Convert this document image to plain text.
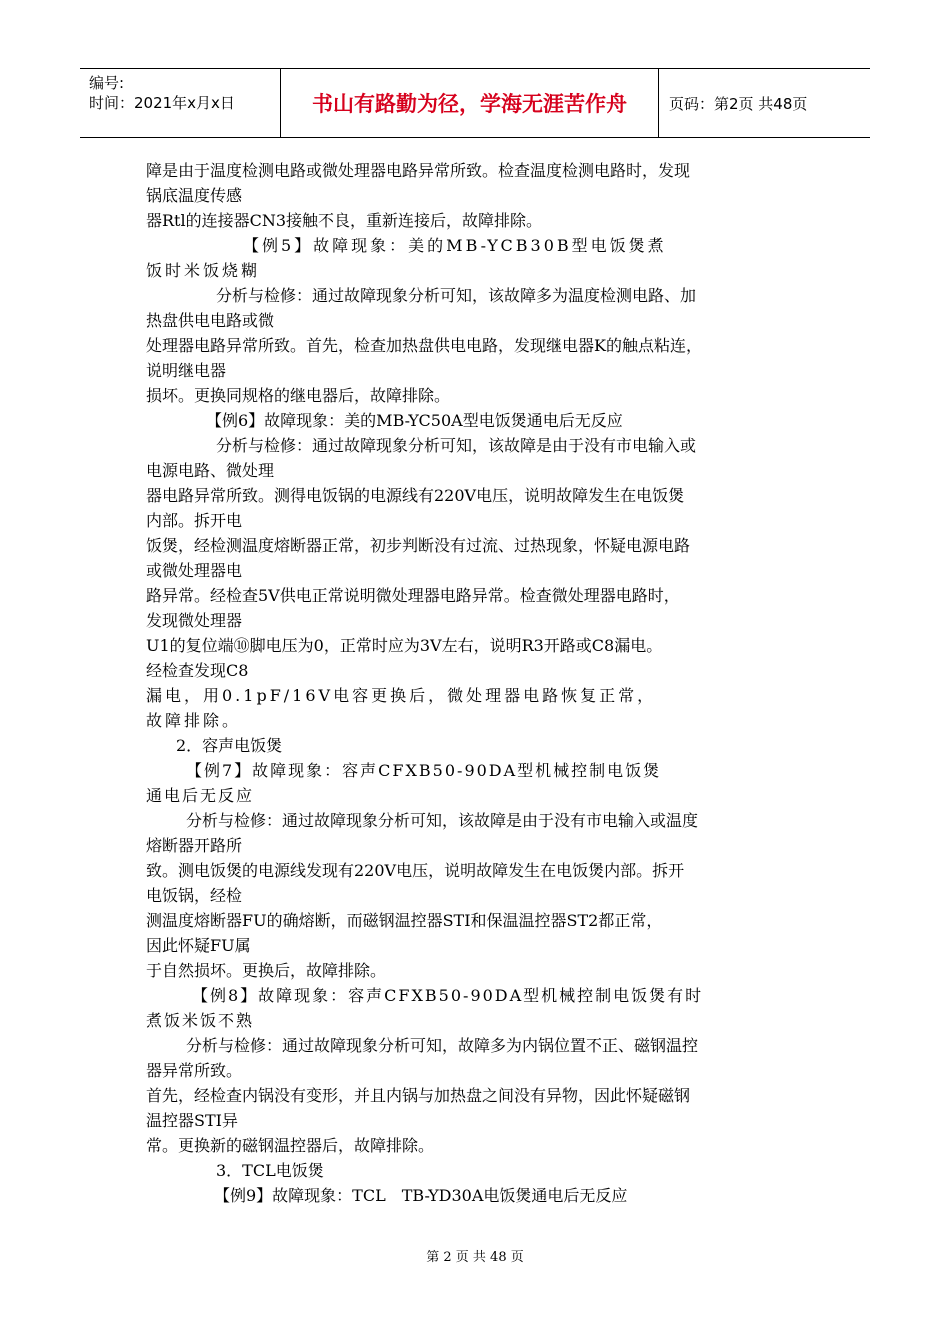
编号:
时间：2021年x月x日	书山有路勤为径，学海无涯苦作舟	页码：第2页 共48页
障是由于温度检测电路或微处理器电路异常所致。检查温度检测电路时，发现
锅底温度传感
器Rtl的连接器CN3接触不良，重新连接后，故障排除。
【例5】故障现象：美的MB-YCB30B型电饭煲煮
饭时米饭烧糊
分析与检修：通过故障现象分析可知，该故障多为温度检测电路、加
热盘供电电路或微
处理器电路异常所致。首先，检查加热盘供电电路，发现继电器K的触点粘连，
说明继电器
损坏。更换同规格的继电器后，故障排除。
【例6】故障现象：美的MB-YC50A型电饭煲通电后无反应
分析与检修：通过故障现象分析可知，该故障是由于没有市电输入或
电源电路、微处理
器电路异常所致。测得电饭锅的电源线有220V电压，说明故障发生在电饭煲
内部。拆开电
饭煲，经检测温度熔断器正常，初步判断没有过流、过热现象，怀疑电源电路
或微处理器电
路异常。经检查5V供电正常说明微处理器电路异常。检查微处理器电路时，
发现微处理器
U1的复位端⑩脚电压为0，正常时应为3V左右，说明R3开路或C8漏电。
经检查发现C8
漏电，用0.1pF/16V电容更换后，微处理器电路恢复正常，
故障排除。
2．容声电饭煲
【例7】故障现象：容声CFXB50-90DA型机械控制电饭煲
通电后无反应
分析与检修：通过故障现象分析可知，该故障是由于没有市电输入或温度
熔断器开路所
致。测电饭煲的电源线发现有220V电压，说明故障发生在电饭煲内部。拆开
电饭锅，经检
测温度熔断器FU的确熔断，而磁钢温控器STI和保温温控器ST2都正常，
因此怀疑FU属
于自然损坏。更换后，故障排除。
【例8】故障现象：容声CFXB50-90DA型机械控制电饭煲有时
煮饭米饭不熟
分析与检修：通过故障现象分析可知，故障多为内锅位置不正、磁钢温控
器异常所致。
首先，经检查内锅没有变形，并且内锅与加热盘之间没有异物，因此怀疑磁钢
温控器STI异
常。更换新的磁钢温控器后，故障排除。
3．TCL电饭煲
【例9】故障现象：TCL　TB-YD30A电饭煲通电后无反应
第 2 页 共 48 页
